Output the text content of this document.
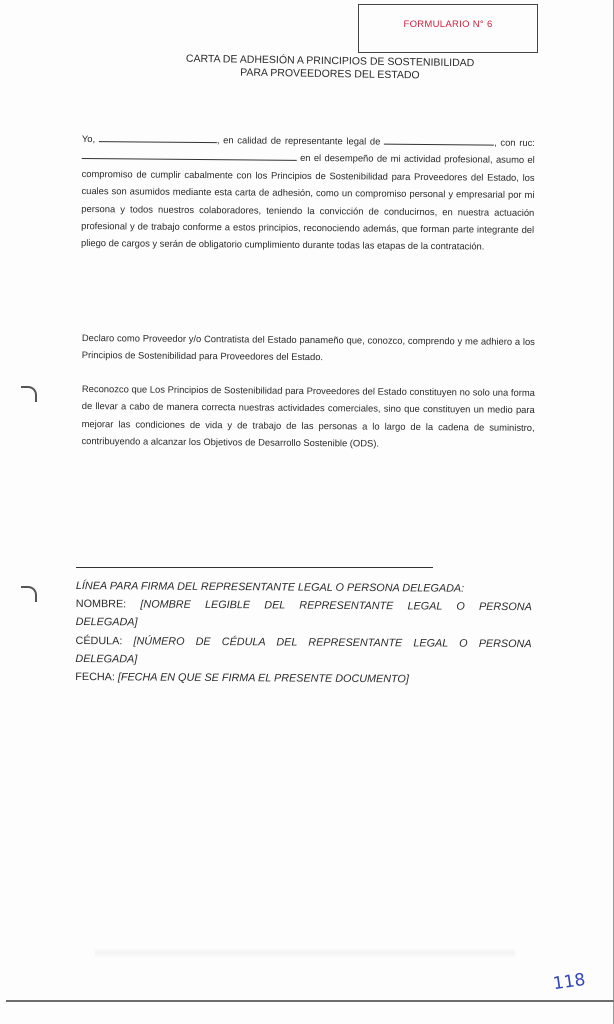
FORMULARIO N° 6
CARTA DE ADHESIÓN A PRINCIPIOS DE SOSTENIBILIDAD
PARA PROVEEDORES DEL ESTADO
Yo,	, en calidad de representante legal de	, con ruc:  en el desempeño de mi actividad profesional, asumo el compromiso de cumplir cabalmente con los Principios de Sostenibilidad para Proveedores del Estado, los cuales son asumidos mediante esta carta de adhesión, como un compromiso personal y empresarial por mi persona y todos nuestros colaboradores, teniendo la convicción de conducirnos, en nuestra actuación profesional y de trabajo conforme a estos principios, reconociendo además, que forman parte integrante del pliego de cargos y serán de obligatorio cumplimiento durante todas las etapas de la contratación.
Declaro como Proveedor y/o Contratista del Estado panameño que, conozco, comprendo y me adhiero a los Principios de Sostenibilidad para Proveedores del Estado.
Reconozco que Los Principios de Sostenibilidad para Proveedores del Estado constituyen no solo una forma de llevar a cabo de manera correcta nuestras actividades comerciales, sino que constituyen un medio para mejorar las condiciones de vida y de trabajo de las personas a lo largo de la cadena de suministro, contribuyendo a alcanzar los Objetivos de Desarrollo Sostenible (ODS).
LÍNEA PARA FIRMA DEL REPRESENTANTE LEGAL O PERSONA DELEGADA:
NOMBRE: [NOMBRE LEGIBLE DEL REPRESENTANTE LEGAL O PERSONA
DELEGADA]
CÉDULA: [NÚMERO DE CÉDULA DEL REPRESENTANTE LEGAL O PERSONA
DELEGADA]
FECHA: [FECHA EN QUE SE FIRMA EL PRESENTE DOCUMENTO]
118
